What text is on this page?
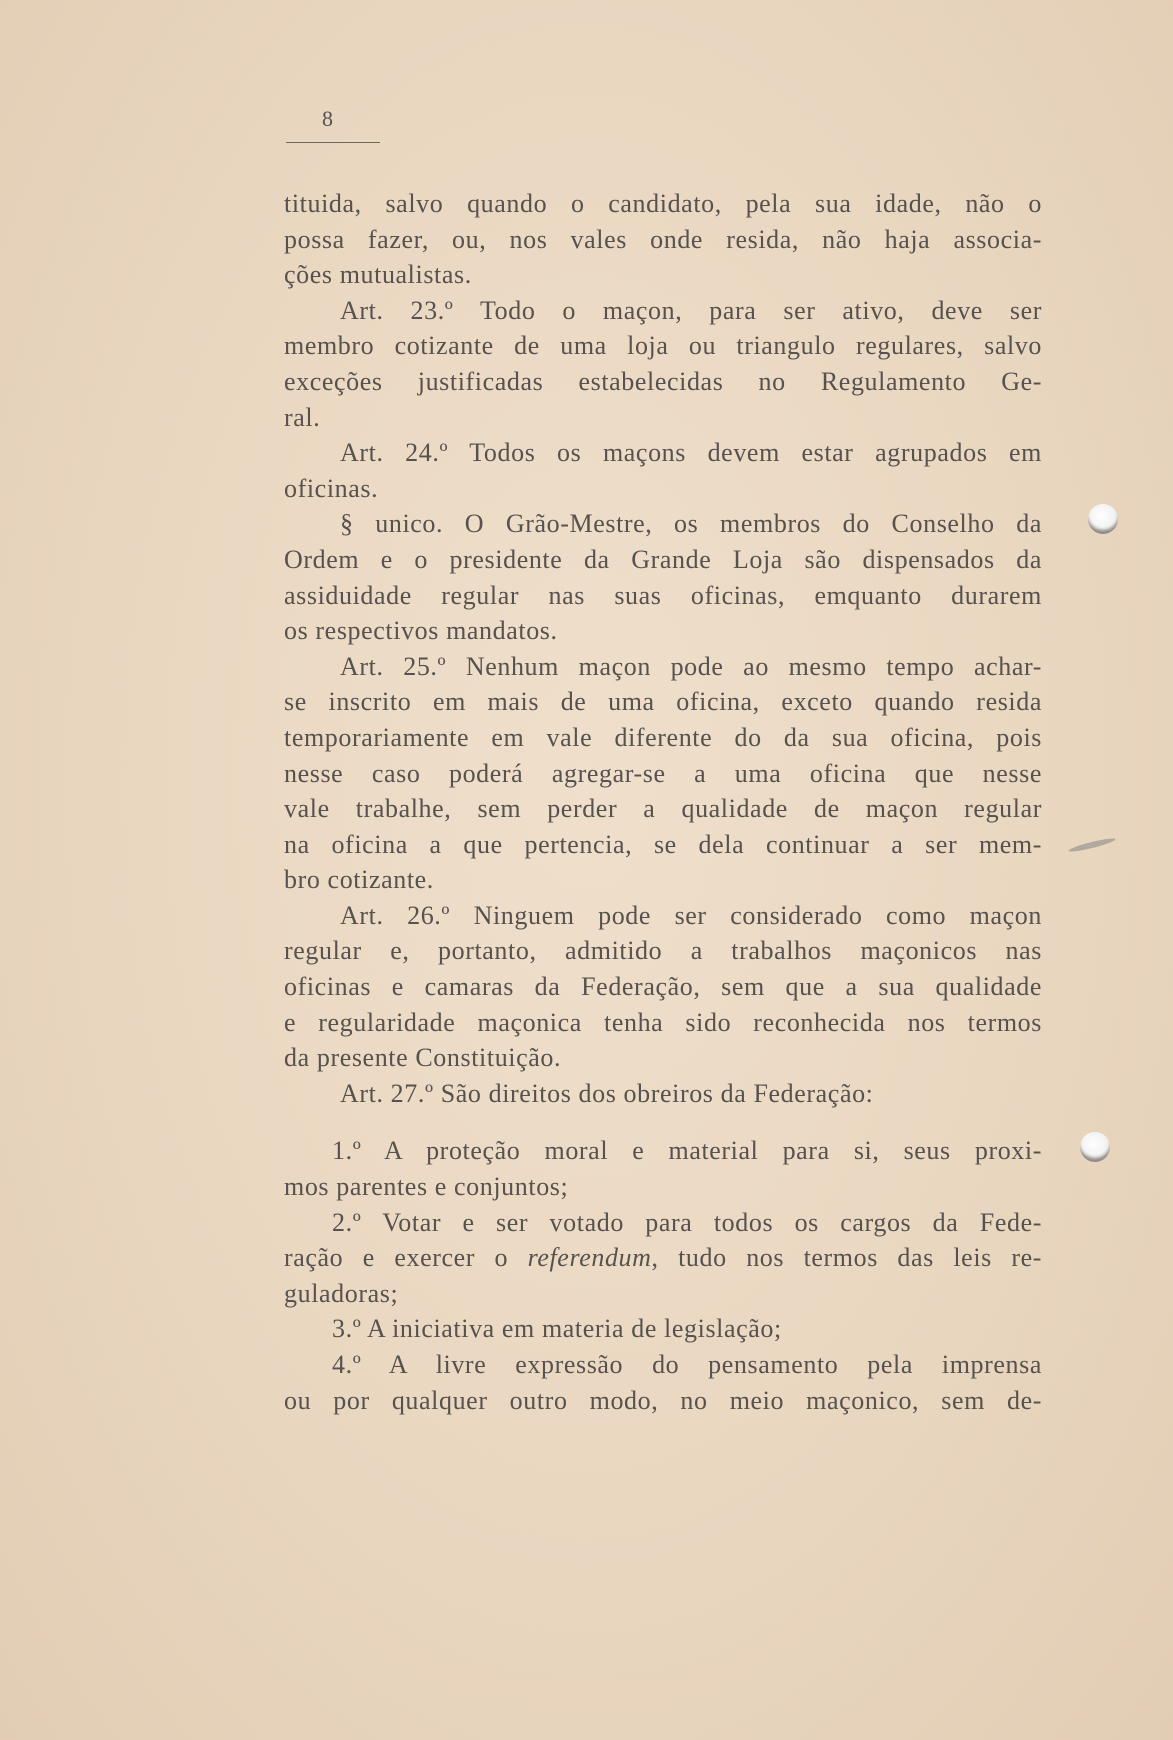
8
tituida, salvo quando o candidato, pela sua idade, não o
possa fazer, ou, nos vales onde resida, não haja associa-
ções mutualistas.
Art. 23.º Todo o maçon, para ser ativo, deve ser
membro cotizante de uma loja ou triangulo regulares, salvo
exceções justificadas estabelecidas no Regulamento Ge-
ral.
Art. 24.º Todos os maçons devem estar agrupados em
oficinas.
§ unico. O Grão-Mestre, os membros do Conselho da
Ordem e o presidente da Grande Loja são dispensados da
assiduidade regular nas suas oficinas, emquanto durarem
os respectivos mandatos.
Art. 25.º Nenhum maçon pode ao mesmo tempo achar-
se inscrito em mais de uma oficina, exceto quando resida
temporariamente em vale diferente do da sua oficina, pois
nesse caso poderá agregar-se a uma oficina que nesse
vale trabalhe, sem perder a qualidade de maçon regular
na oficina a que pertencia, se dela continuar a ser mem-
bro cotizante.
Art. 26.º Ninguem pode ser considerado como maçon
regular e, portanto, admitido a trabalhos maçonicos nas
oficinas e camaras da Federação, sem que a sua qualidade
e regularidade maçonica tenha sido reconhecida nos termos
da presente Constituição.
Art. 27.º São direitos dos obreiros da Federação:
1.º A proteção moral e material para si, seus proxi-
mos parentes e conjuntos;
2.º Votar e ser votado para todos os cargos da Fede-
ração e exercer o referendum, tudo nos termos das leis re-
guladoras;
3.º A iniciativa em materia de legislação;
4.º A livre expressão do pensamento pela imprensa
ou por qualquer outro modo, no meio maçonico, sem de-
